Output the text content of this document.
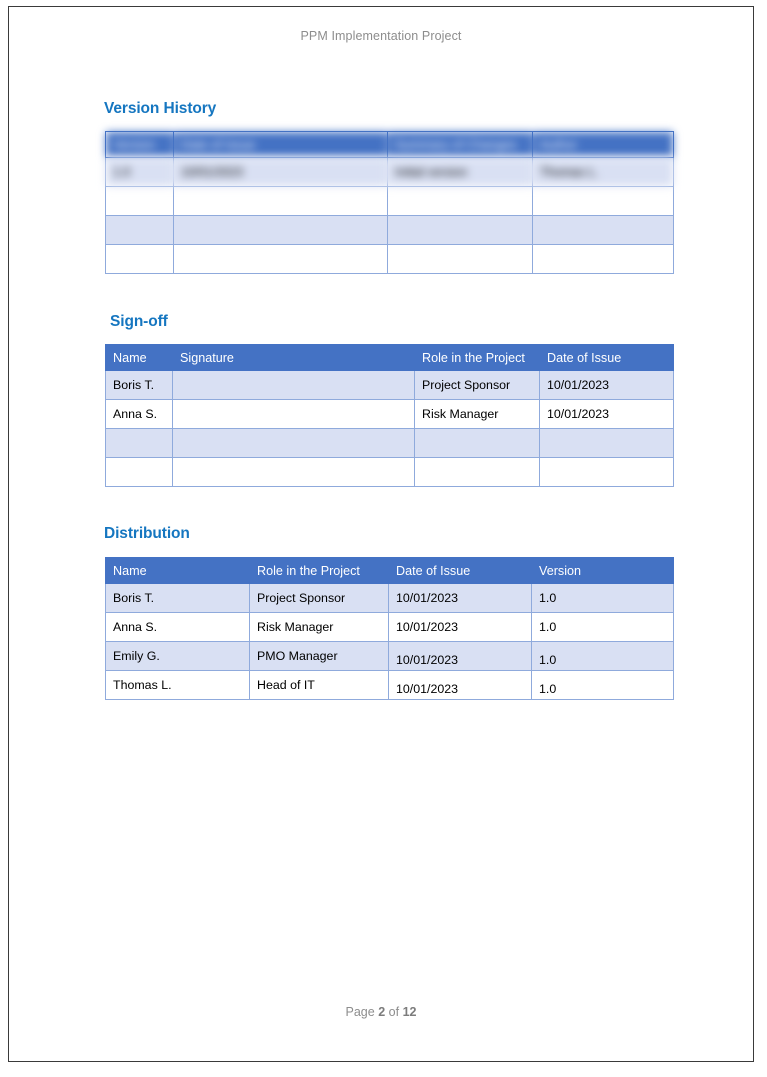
PPM Implementation Project
Version History
Version	Date of Issue	Summary of Changes	Author
1.0	10/01/2023	Initial version	Thomas L.

Sign-off
Name	Signature	Role in the Project	Date of Issue
Boris T.		Project Sponsor	10/01/2023
Anna S.		Risk Manager	10/01/2023

Distribution
Name	Role in the Project	Date of Issue	Version
Boris T.	Project Sponsor	10/01/2023	1.0
Anna S.	Risk Manager	10/01/2023	1.0
Emily G.	PMO Manager	10/01/2023	1.0
Thomas L.	Head of IT	10/01/2023	1.0
Page 2 of 12
